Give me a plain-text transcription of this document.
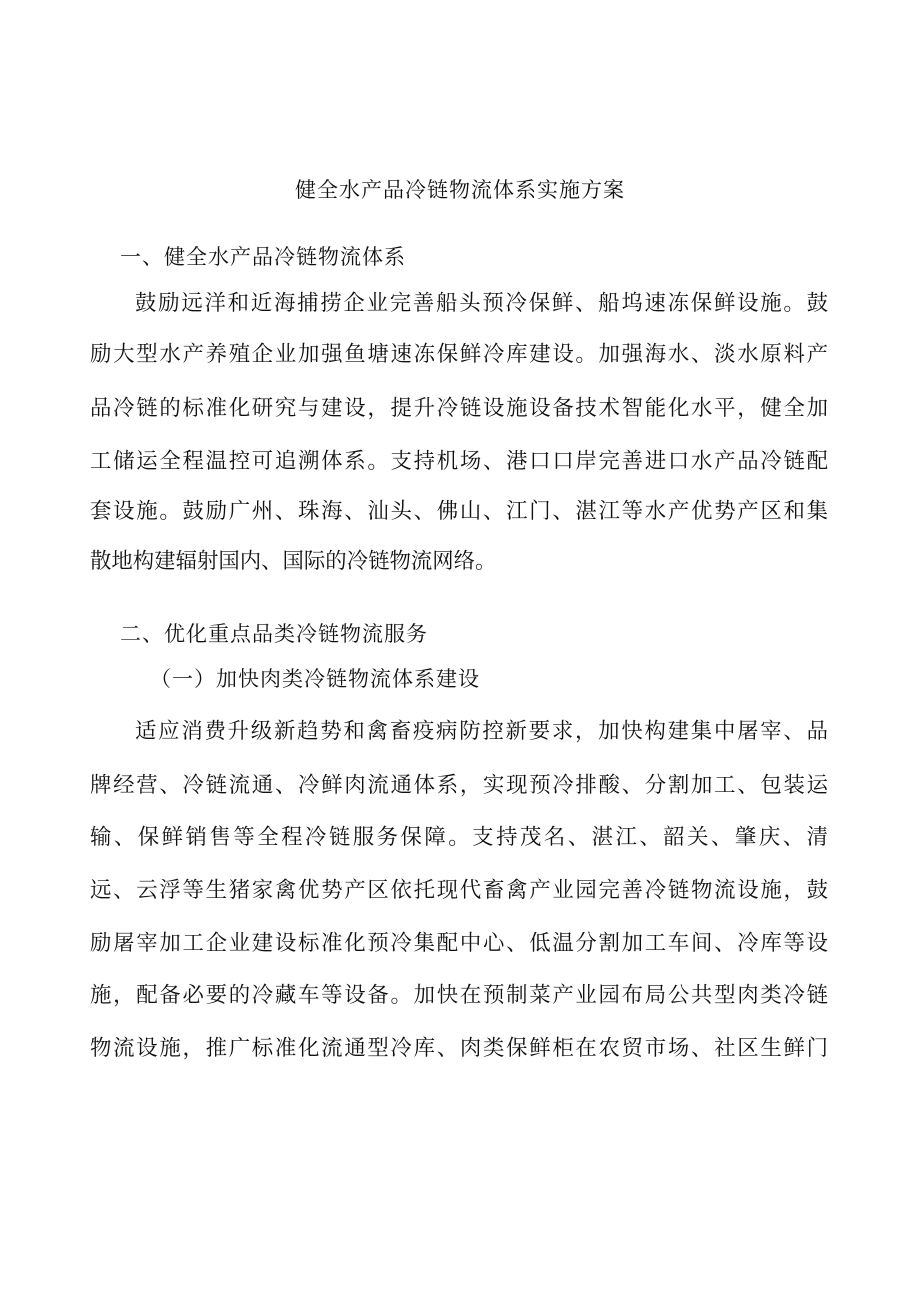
健全水产品冷链物流体系实施方案
一、健全水产品冷链物流体系
鼓励远洋和近海捕捞企业完善船头预冷保鲜、船坞速冻保鲜设施。鼓
励大型水产养殖企业加强鱼塘速冻保鲜冷库建设。加强海水、淡水原料产
品冷链的标准化研究与建设，提升冷链设施设备技术智能化水平，健全加
工储运全程温控可追溯体系。支持机场、港口口岸完善进口水产品冷链配
套设施。鼓励广州、珠海、汕头、佛山、江门、湛江等水产优势产区和集
散地构建辐射国内、国际的冷链物流网络。
二、优化重点品类冷链物流服务
（一）加快肉类冷链物流体系建设
适应消费升级新趋势和禽畜疫病防控新要求，加快构建集中屠宰、品
牌经营、冷链流通、冷鲜肉流通体系，实现预冷排酸、分割加工、包装运
输、保鲜销售等全程冷链服务保障。支持茂名、湛江、韶关、肇庆、清
远、云浮等生猪家禽优势产区依托现代畜禽产业园完善冷链物流设施，鼓
励屠宰加工企业建设标准化预冷集配中心、低温分割加工车间、冷库等设
施，配备必要的冷藏车等设备。加快在预制菜产业园布局公共型肉类冷链
物流设施，推广标准化流通型冷库、肉类保鲜柜在农贸市场、社区生鲜门
